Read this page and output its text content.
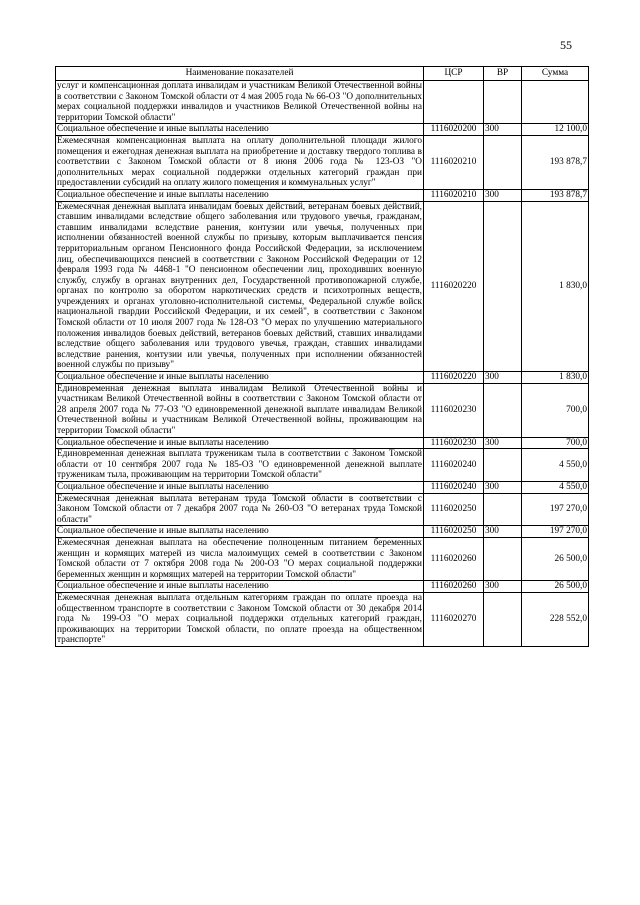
55
Наименование показателей	ЦСР	ВР	Сумма
услуг и компенсационная доплата инвалидам и участникам Великой Отечественной войны в соответствии с Законом Томской области от 4 мая 2005 года № 66-ОЗ "О дополнительных мерах социальной поддержки инвалидов и участников Великой Отечественной войны на территории Томской области"			
Социальное обеспечение и иные выплаты населению	1116020200	300	12 100,0
Ежемесячная компенсационная выплата на оплату дополнительной площади жилого помещения и ежегодная денежная выплата на приобретение и доставку твердого топлива в соответствии с Законом Томской области от 8 июня 2006 года № 123-ОЗ "О дополнительных мерах социальной поддержки отдельных категорий граждан при предоставлении субсидий на оплату жилого помещения и коммунальных услуг"	1116020210		193 878,7
Социальное обеспечение и иные выплаты населению	1116020210	300	193 878,7
Ежемесячная денежная выплата инвалидам боевых действий, ветеранам боевых действий, ставшим инвалидами вследствие общего заболевания или трудового увечья, гражданам, ставшим инвалидами вследствие ранения, контузии или увечья, полученных при исполнении обязанностей военной службы по призыву, которым выплачивается пенсия территориальным органом Пенсионного фонда Российской Федерации, за исключением лиц, обеспечивающихся пенсией в соответствии с Законом Российской Федерации от 12 февраля 1993 года № 4468-1 "О пенсионном обеспечении лиц, проходивших военную службу, службу в органах внутренних дел, Государственной противопожарной службе, органах по контролю за оборотом наркотических средств и психотропных веществ, учреждениях и органах уголовно-исполнительной системы, Федеральной службе войск национальной гвардии Российской Федерации, и их семей", в соответствии с Законом Томской области от 10 июля 2007 года № 128-ОЗ "О мерах по улучшению материального положения инвалидов боевых действий, ветеранов боевых действий, ставших инвалидами вследствие общего заболевания или трудового увечья, граждан, ставших инвалидами вследствие ранения, контузии или увечья, полученных при исполнении обязанностей военной службы по призыву"	1116020220		1 830,0
Социальное обеспечение и иные выплаты населению	1116020220	300	1 830,0
Единовременная денежная выплата инвалидам Великой Отечественной войны и участникам Великой Отечественной войны в соответствии с Законом Томской области от 28 апреля 2007 года № 77-ОЗ "О единовременной денежной выплате инвалидам Великой Отечественной войны и участникам Великой Отечественной войны, проживающим на территории Томской области"	1116020230		700,0
Социальное обеспечение и иные выплаты населению	1116020230	300	700,0
Единовременная денежная выплата труженикам тыла в соответствии с Законом Томской области от 10 сентября 2007 года № 185-ОЗ "О единовременной денежной выплате труженикам тыла, проживающим на территории Томской области"	1116020240		4 550,0
Социальное обеспечение и иные выплаты населению	1116020240	300	4 550,0
Ежемесячная денежная выплата ветеранам труда Томской области в соответствии с Законом Томской области от 7 декабря 2007 года № 260-ОЗ "О ветеранах труда Томской области"	1116020250		197 270,0
Социальное обеспечение и иные выплаты населению	1116020250	300	197 270,0
Ежемесячная денежная выплата на обеспечение полноценным питанием беременных женщин и кормящих матерей из числа малоимущих семей в соответствии с Законом Томской области от 7 октября 2008 года № 200-ОЗ "О мерах социальной поддержки беременных женщин и кормящих матерей на территории Томской области"	1116020260		26 500,0
Социальное обеспечение и иные выплаты населению	1116020260	300	26 500,0
Ежемесячная денежная выплата отдельным категориям граждан по оплате проезда на общественном транспорте в соответствии с Законом Томской области от 30 декабря 2014 года № 199-ОЗ "О мерах социальной поддержки отдельных категорий граждан, проживающих на территории Томской области, по оплате проезда на общественном транспорте"	1116020270		228 552,0
